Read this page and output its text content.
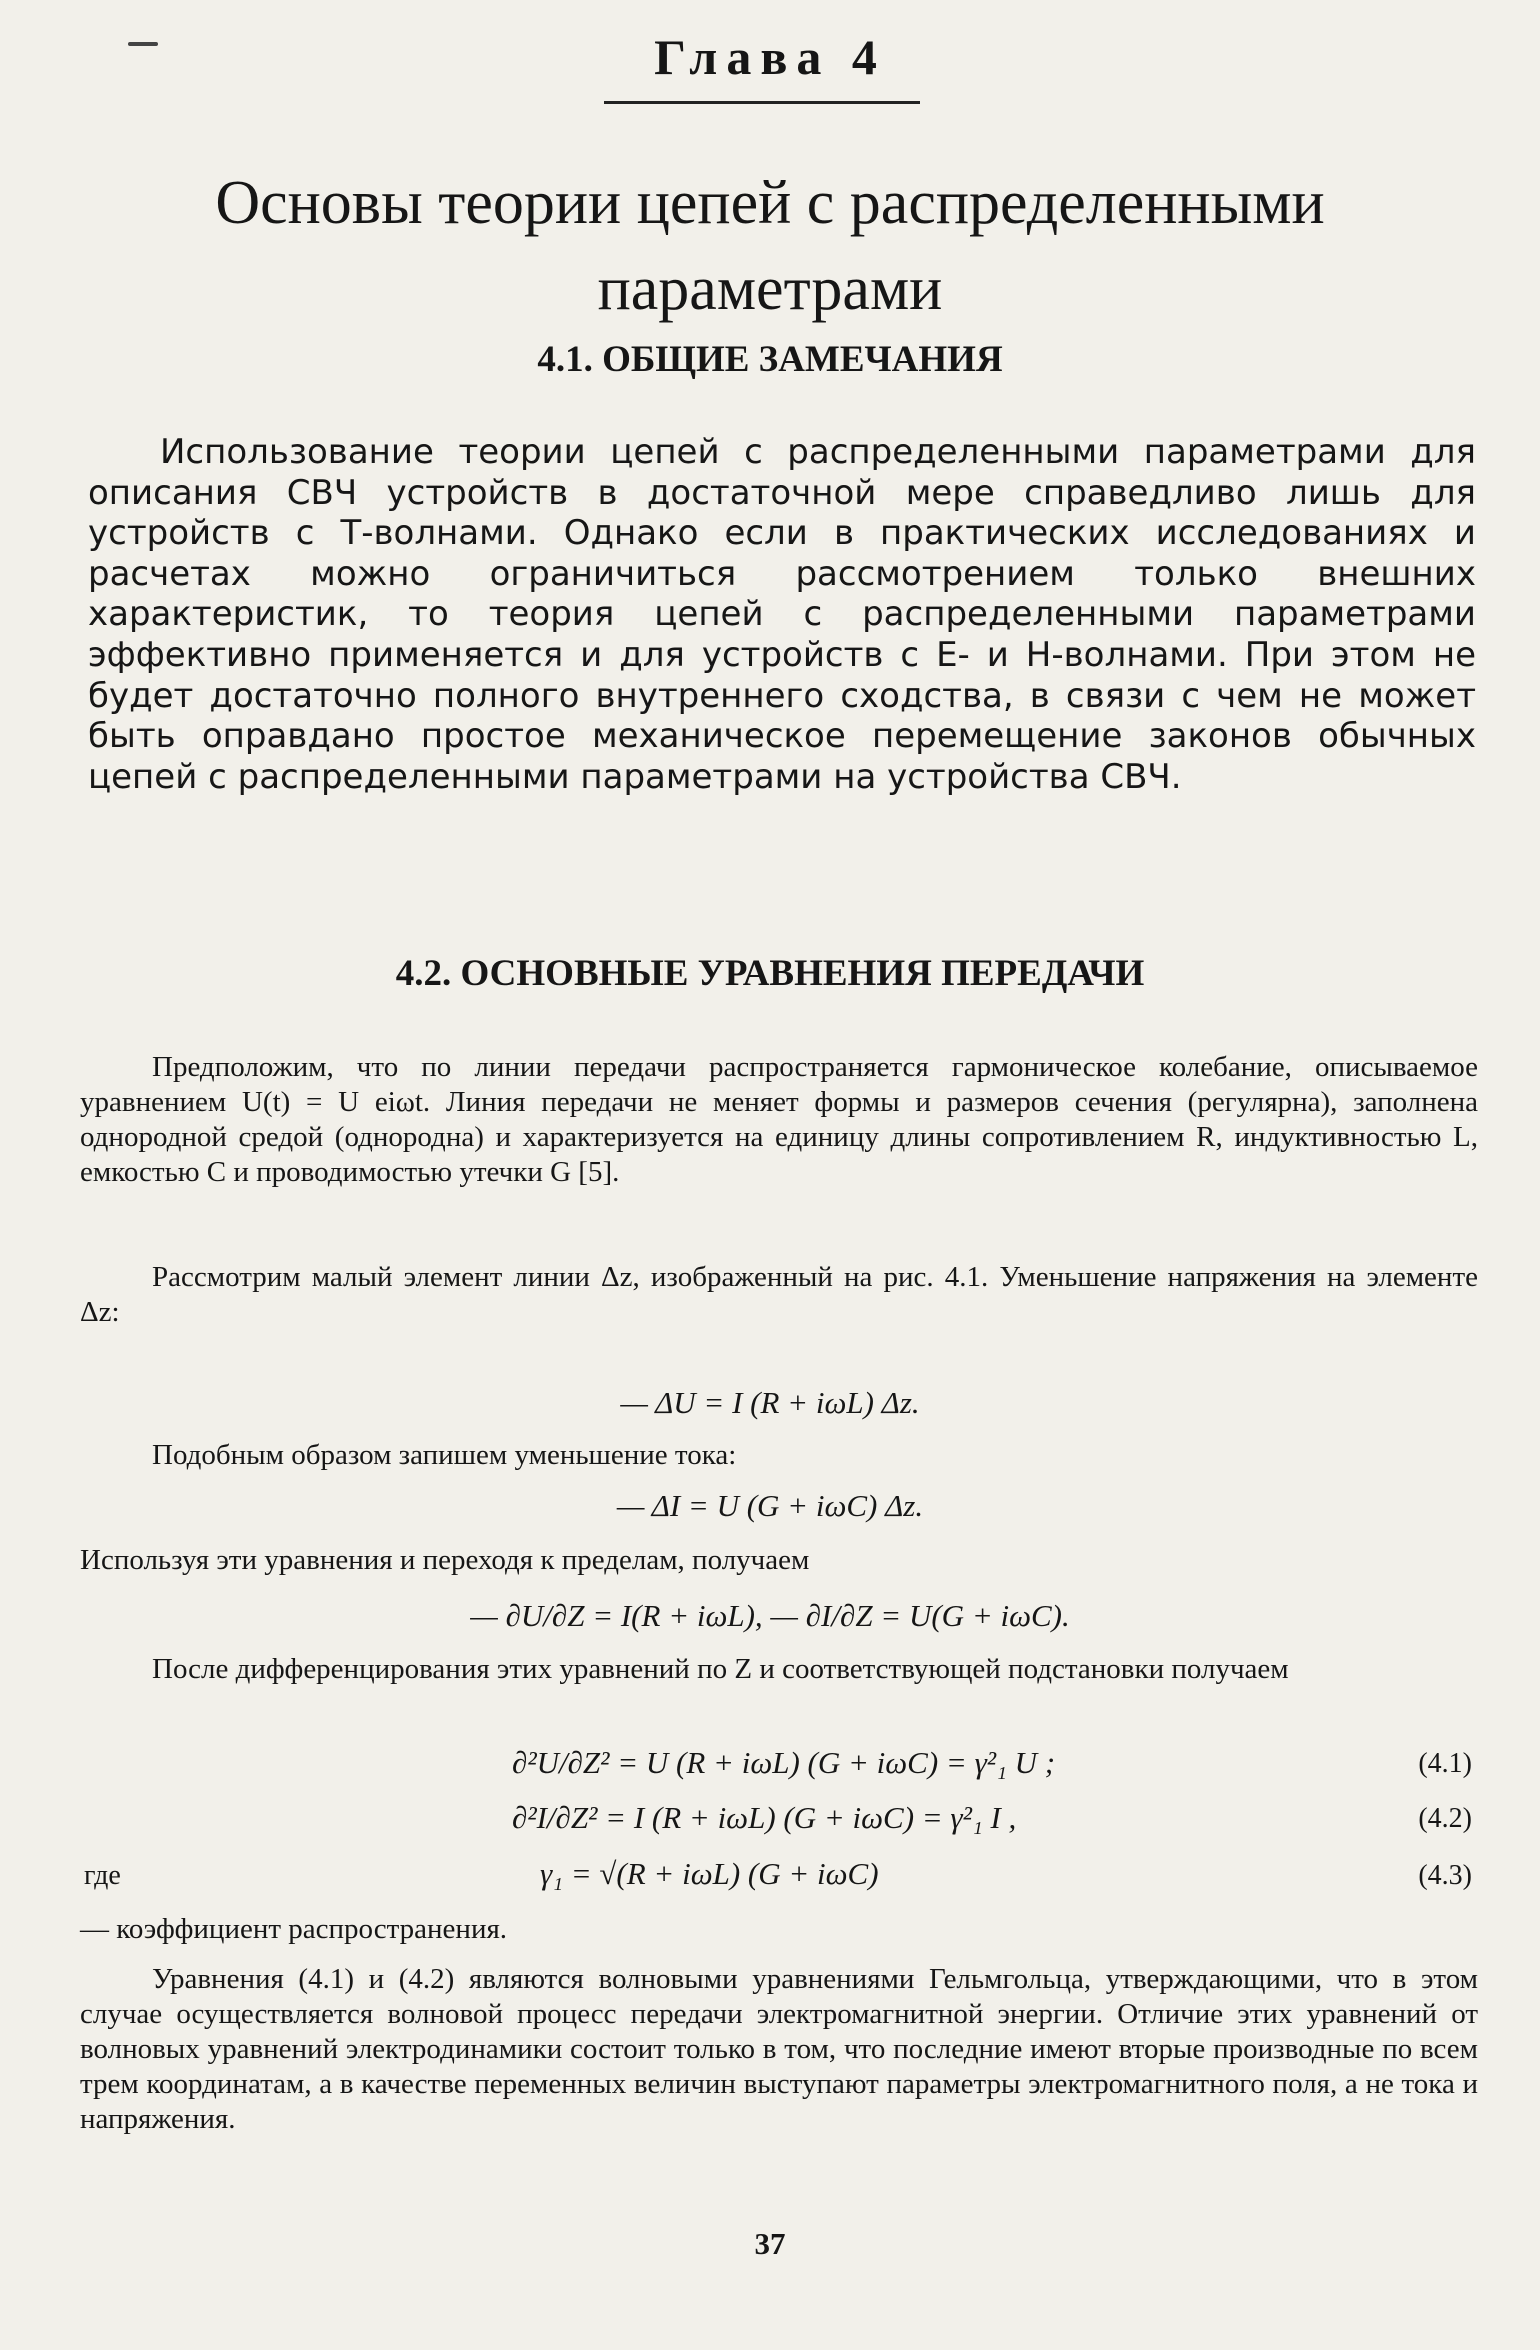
Глава 4
Основы теории цепей с распределенными
параметрами
4.1. ОБЩИЕ ЗАМЕЧАНИЯ

Использование теории цепей с распределенными параметрами для описания СВЧ устройств в достаточной мере справедливо лишь для устройств с Т-волнами. Однако если в практических исследованиях и расчетах можно ограничиться рассмотрением только внешних характеристик, то теория цепей с распределенными параметрами эффективно применяется и для устройств с Е- и Н-волнами. При этом не будет достаточно полного внутреннего сходства, в связи с чем не может быть оправдано простое механическое перемещение законов обычных цепей с распределенными параметрами на устройства СВЧ.

4.2. ОСНОВНЫЕ УРАВНЕНИЯ ПЕРЕДАЧИ

Предположим, что по линии передачи распространяется гармоническое колебание, описываемое уравнением U(t) = U eiωt. Линия передачи не меняет формы и размеров сечения (регулярна), заполнена однородной средой (однородна) и характеризуется на единицу длины сопротивлением R, индуктивностью L, емкостью C и проводимостью утечки G [5].

Рассмотрим малый элемент линии Δz, изображенный на рис. 4.1. Уменьшение напряжения на элементе Δz:

— ΔU = I (R + iωL) Δz.

Подобным образом запишем уменьшение тока:

— ΔI = U (G + iωC) Δz.

Используя эти уравнения и переходя к пределам, получаем

— ∂U/∂Z = I(R + iωL), — ∂I/∂Z = U(G + iωC).

После дифференцирования этих уравнений по Z и соответствующей подстановки получаем

∂²U/∂Z² = U (R + iωL) (G + iωC) = γ²₁ U ;	(4.1)
∂²I/∂Z² = I (R + iωL) (G + iωC) = γ²₁ I ,	(4.2)
где	γ₁ = √(R + iωL) (G + iωC)	(4.3)

— коэффициент распространения.

Уравнения (4.1) и (4.2) являются волновыми уравнениями Гельмгольца, утверждающими, что в этом случае осуществляется волновой процесс передачи электромагнитной энергии. Отличие этих уравнений от волновых уравнений электродинамики состоит только в том, что последние имеют вторые производные по всем трем координатам, а в качестве переменных величин выступают параметры электромагнитного поля, а не тока и напряжения.

37
